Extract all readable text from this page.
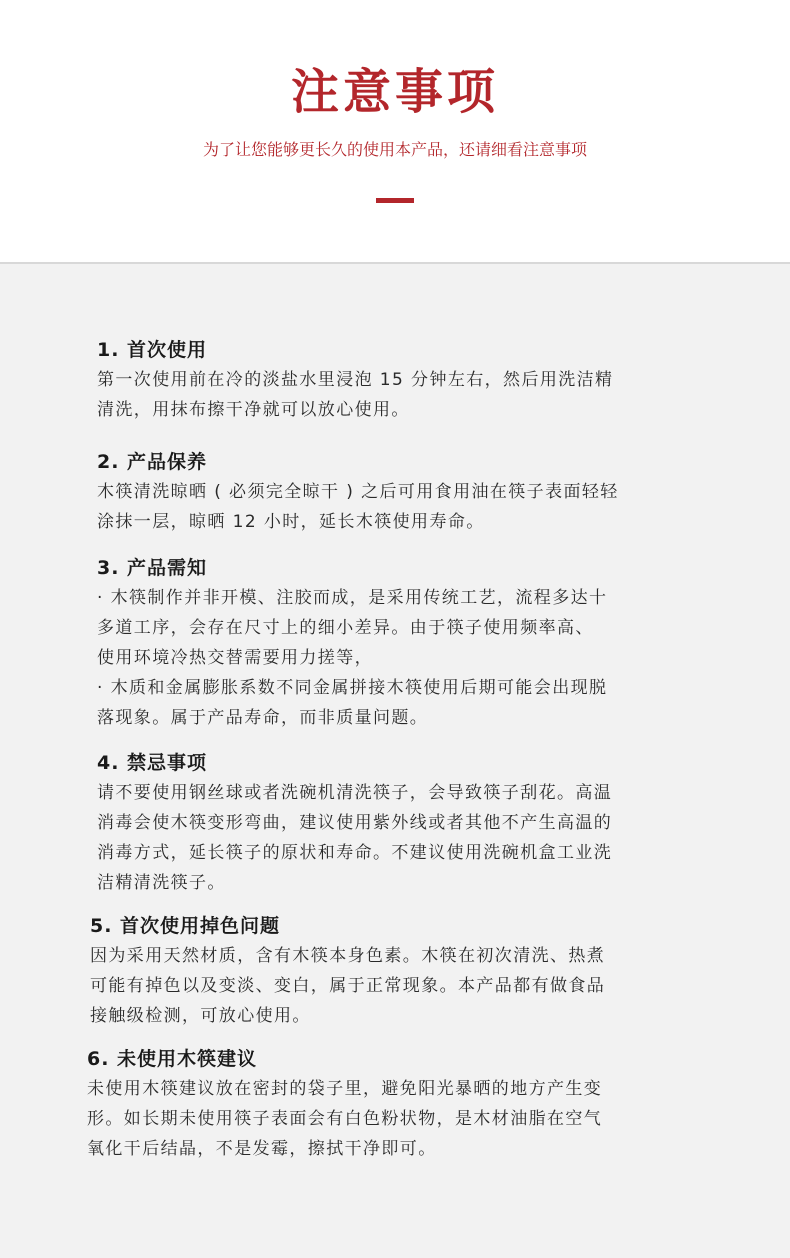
注意事项
为了让您能够更长久的使用本产品，还请细看注意事项
1. 首次使用
第一次使用前在冷的淡盐水里浸泡 15 分钟左右，然后用洗洁精
清洗，用抹布擦干净就可以放心使用。
2. 产品保养
木筷清洗晾晒 ( 必须完全晾干 ) 之后可用食用油在筷子表面轻轻
涂抹一层，晾晒 12 小时，延长木筷使用寿命。
3. 产品需知
· 木筷制作并非开模、注胶而成，是采用传统工艺，流程多达十
多道工序，会存在尺寸上的细小差异。由于筷子使用频率高、
使用环境冷热交替需要用力搓等，
· 木质和金属膨胀系数不同金属拼接木筷使用后期可能会出现脱
落现象。属于产品寿命，而非质量问题。
4. 禁忌事项
请不要使用钢丝球或者洗碗机清洗筷子，会导致筷子刮花。高温
消毒会使木筷变形弯曲，建议使用紫外线或者其他不产生高温的
消毒方式，延长筷子的原状和寿命。不建议使用洗碗机盒工业洗
洁精清洗筷子。
5. 首次使用掉色问题
因为采用天然材质，含有木筷本身色素。木筷在初次清洗、热煮
可能有掉色以及变淡、变白，属于正常现象。本产品都有做食品
接触级检测，可放心使用。
6. 未使用木筷建议
未使用木筷建议放在密封的袋子里，避免阳光暴晒的地方产生变
形。如长期未使用筷子表面会有白色粉状物，是木材油脂在空气
氧化干后结晶，不是发霉，擦拭干净即可。
